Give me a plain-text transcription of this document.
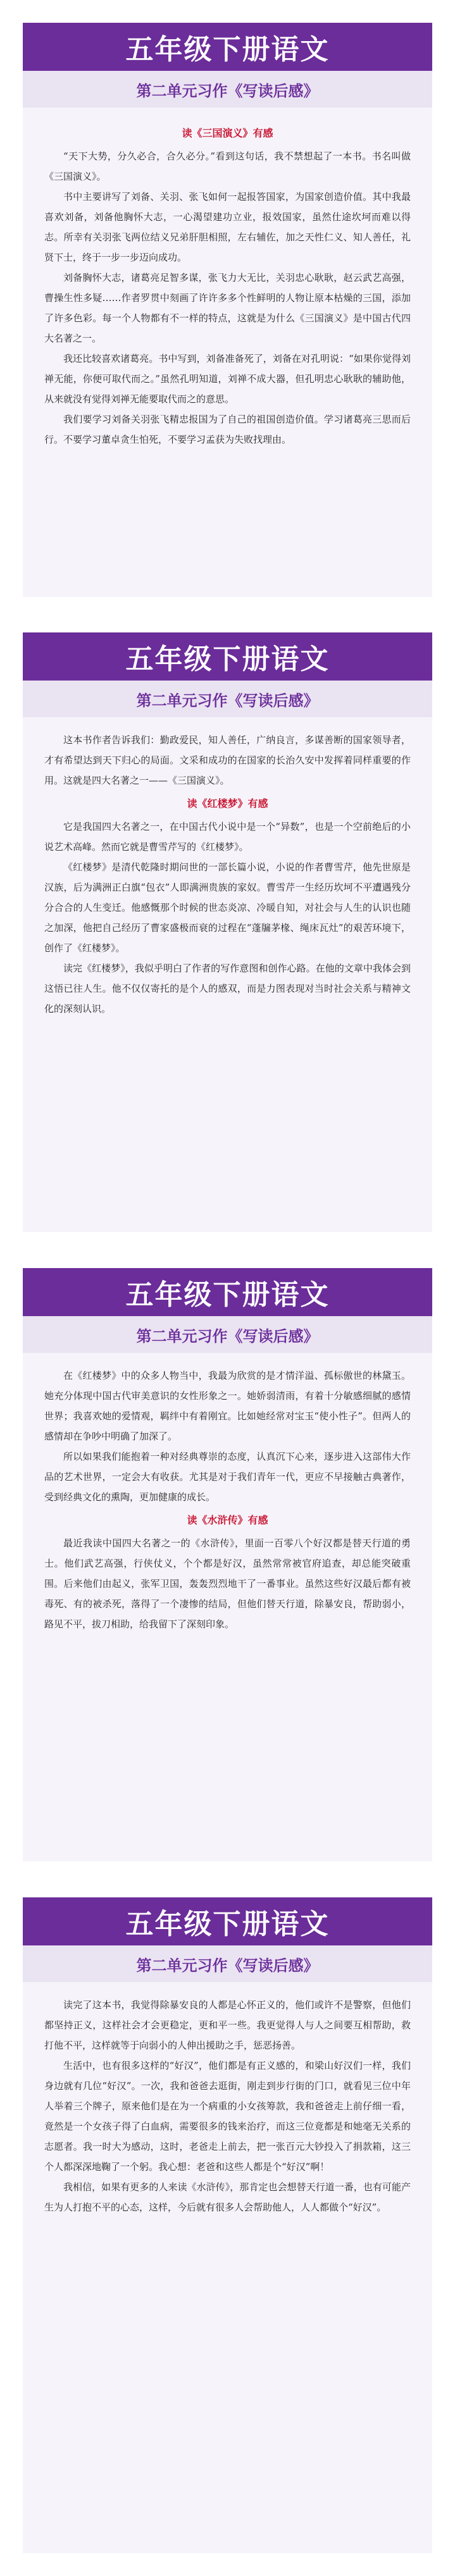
五年级下册语文
第二单元习作《写读后感》
读《三国演义》有感

“天下大势，分久必合，合久必分。”看到这句话，我不禁想起了一本书。书名叫做《三国演义》。

书中主要讲写了刘备、关羽、张飞如何一起报答国家，为国家创造价值。其中我最喜欢刘备，刘备他胸怀大志，一心渴望建功立业，报效国家，虽然仕途坎坷而难以得志。所幸有关羽张飞两位结义兄弟肝胆相照，左右辅佐，加之天性仁义、知人善任，礼贤下士，终于一步一步迈向成功。

刘备胸怀大志，诸葛亮足智多谋，张飞力大无比，关羽忠心耿耿，赵云武艺高强，曹操生性多疑……作者罗贯中刻画了许许多多个性鲜明的人物让原本枯燥的三国，添加了许多色彩。每一个人物都有不一样的特点，这就是为什么《三国演义》是中国古代四大名著之一。

我还比较喜欢诸葛亮。书中写到，刘备准备死了，刘备在对孔明说：“如果你觉得刘禅无能，你便可取代而之。”虽然孔明知道，刘禅不成大器，但孔明忠心耿耿的辅助他，从来就没有觉得刘禅无能要取代而之的意思。

我们要学习刘备关羽张飞精忠报国为了自己的祖国创造价值。学习诸葛亮三思而后行。不要学习董卓贪生怕死，不要学习孟获为失败找理由。

五年级下册语文
第二单元习作《写读后感》

这本书作者告诉我们：勤政爱民，知人善任，广纳良言，多谋善断的国家领导者，才有希望达到天下归心的局面。文采和成功的在国家的长治久安中发挥着同样重要的作用。这就是四大名著之一——《三国演义》。

读《红楼梦》有感

它是我国四大名著之一，在中国古代小说中是一个“异数”，也是一个空前绝后的小说艺术高峰。然而它就是曹雪芹写的《红楼梦》。

《红楼梦》是清代乾隆时期问世的一部长篇小说，小说的作者曹雪芹，他先世原是汉族，后为满洲正白旗“包衣”人即满洲贵族的家奴。曹雪芹一生经历坎坷不平遭遇残分分合合的人生变迁。他感慨那个时候的世态炎凉、冷暖自知，对社会与人生的认识也随之加深，他把自己经历了曹家盛极而衰的过程在“蓬牖茅椽、绳床瓦灶”的艰苦环境下，创作了《红楼梦》。

读完《红楼梦》，我似乎明白了作者的写作意图和创作心路。在他的文章中我体会到这悟已往人生。他不仅仅寄托的是个人的感双，而是力图表现对当时社会关系与精神文化的深刻认识。

五年级下册语文
第二单元习作《写读后感》

在《红楼梦》中的众多人物当中，我最为欣赏的是才情洋溢、孤标傲世的林黛玉。她充分体现中国古代审美意识的女性形象之一。她娇弱清雨，有着十分敏感细腻的感情世界；我喜欢她的爱情观，羁绊中有着刚宜。比如她经常对宝玉“使小性子”。但两人的感情却在争吵中明确了加深了。

所以如果我们能抱着一种对经典尊崇的态度，认真沉下心来，逐步进入这部伟大作品的艺术世界，一定会大有收获。尤其是对于我们青年一代，更应不早接触古典著作，受到经典文化的熏陶，更加健康的成长。

读《水浒传》有感

最近我读中国四大名著之一的《水浒传》，里面一百零八个好汉都是替天行道的勇士。他们武艺高强，行侠仗义，个个都是好汉，虽然常常被官府追查，却总能突破重围。后来他们由起义，张军卫国，轰轰烈烈地干了一番事业。虽然这些好汉最后都有被毒死、有的被杀死，落得了一个凄惨的结局，但他们替天行道，除暴安良，帮助弱小，路见不平，拔刀相助，给我留下了深刻印象。

五年级下册语文
第二单元习作《写读后感》

读完了这本书，我觉得除暴安良的人都是心怀正义的，他们或许不是警察，但他们都坚持正义，这样社会才会更稳定，更和平一些。我更觉得人与人之间要互相帮助，救打他不平，这样就等于向弱小的人伸出援助之手，惩恶扬善。

生活中，也有很多这样的“好汉”，他们都是有正义感的，和梁山好汉们一样，我们身边就有几位“好汉”。一次，我和爸爸去逛街，刚走到步行街的门口，就看见三位中年人举着三个牌子，原来他们是在为一个病重的小女孩筹款，我和爸爸走上前仔细一看，竟然是一个女孩子得了白血病，需要很多的钱来治疗，而这三位竟都是和她毫无关系的志愿者。我一时大为感动，这时，老爸走上前去，把一张百元大钞投入了捐款箱，这三个人都深深地鞠了一个躬。我心想：老爸和这些人都是个“好汉”啊！

我相信，如果有更多的人来读《水浒传》，那肯定也会想替天行道一番，也有可能产生为人打抱不平的心态，这样，今后就有很多人会帮助他人，人人都做个“好汉”。
